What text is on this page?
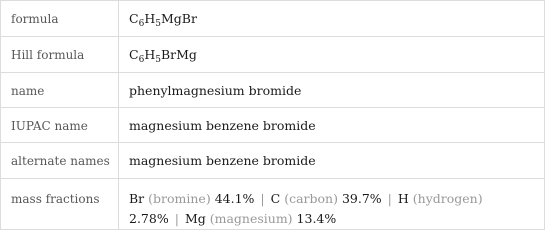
formula	$C_6H_5MgBr$

Hill formula	$C_6H_5BrMg$

name	phenylmagnesium bromide

IUPAC name	magnesium benzene bromide

alternate names	magnesium benzene bromide

mass fractions	Br (bromine) 44.1% | C (carbon) 39.7% | H (hydrogen)
2.78% | Mg (magnesium) 13.4%
